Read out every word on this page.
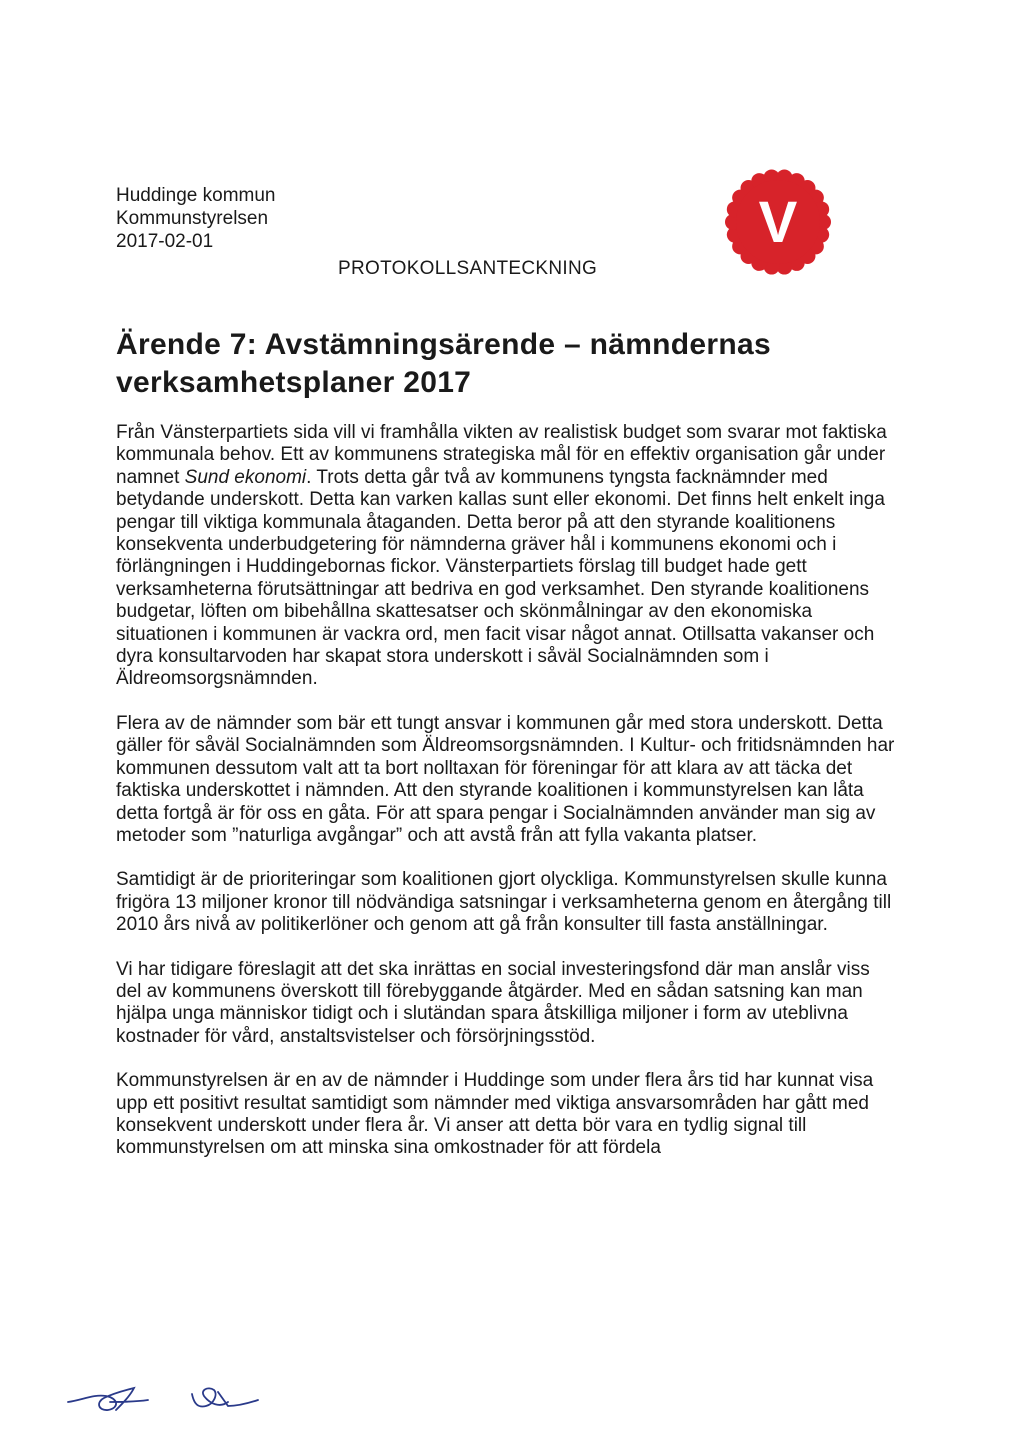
Huddinge kommun
Kommunstyrelsen
2017-02-01
PROTOKOLLSANTECKNING
V
Ärende 7: Avstämningsärende – nämndernas verksamhetsplaner 2017

Från Vänsterpartiets sida vill vi framhålla vikten av realistisk budget som svarar mot faktiska kommunala behov. Ett av kommunens strategiska mål för en effektiv organisation går under namnet Sund ekonomi. Trots detta går två av kommunens tyngsta facknämnder med betydande underskott. Detta kan varken kallas sunt eller ekonomi. Det finns helt enkelt inga pengar till viktiga kommunala åtaganden. Detta beror på att den styrande koalitionens konsekventa underbudgetering för nämnderna gräver hål i kommunens ekonomi och i förlängningen i Huddingebornas fickor. Vänsterpartiets förslag till budget hade gett verksamheterna förutsättningar att bedriva en god verksamhet. Den styrande koalitionens budgetar, löften om bibehållna skattesatser och skönmålningar av den ekonomiska situationen i kommunen är vackra ord, men facit visar något annat. Otillsatta vakanser och dyra konsultarvoden har skapat stora underskott i såväl Socialnämnden som i Äldreomsorgsnämnden.

Flera av de nämnder som bär ett tungt ansvar i kommunen går med stora underskott. Detta gäller för såväl Socialnämnden som Äldreomsorgsnämnden. I Kultur- och fritidsnämnden har kommunen dessutom valt att ta bort nolltaxan för föreningar för att klara av att täcka det faktiska underskottet i nämnden. Att den styrande koalitionen i kommunstyrelsen kan låta detta fortgå är för oss en gåta. För att spara pengar i Socialnämnden använder man sig av metoder som ”naturliga avgångar” och att avstå från att fylla vakanta platser.

Samtidigt är de prioriteringar som koalitionen gjort olyckliga. Kommunstyrelsen skulle kunna frigöra 13 miljoner kronor till nödvändiga satsningar i verksamheterna genom en återgång till 2010 års nivå av politikerlöner och genom att gå från konsulter till fasta anställningar.

Vi har tidigare föreslagit att det ska inrättas en social investeringsfond där man anslår viss del av kommunens överskott till förebyggande åtgärder. Med en sådan satsning kan man hjälpa unga människor tidigt och i slutändan spara åtskilliga miljoner i form av uteblivna kostnader för vård, anstaltsvistelser och försörjningsstöd.

Kommunstyrelsen är en av de nämnder i Huddinge som under flera års tid har kunnat visa upp ett positivt resultat samtidigt som nämnder med viktiga ansvarsområden har gått med konsekvent underskott under flera år. Vi anser att detta bör vara en tydlig signal till kommunstyrelsen om att minska sina omkostnader för att fördela
